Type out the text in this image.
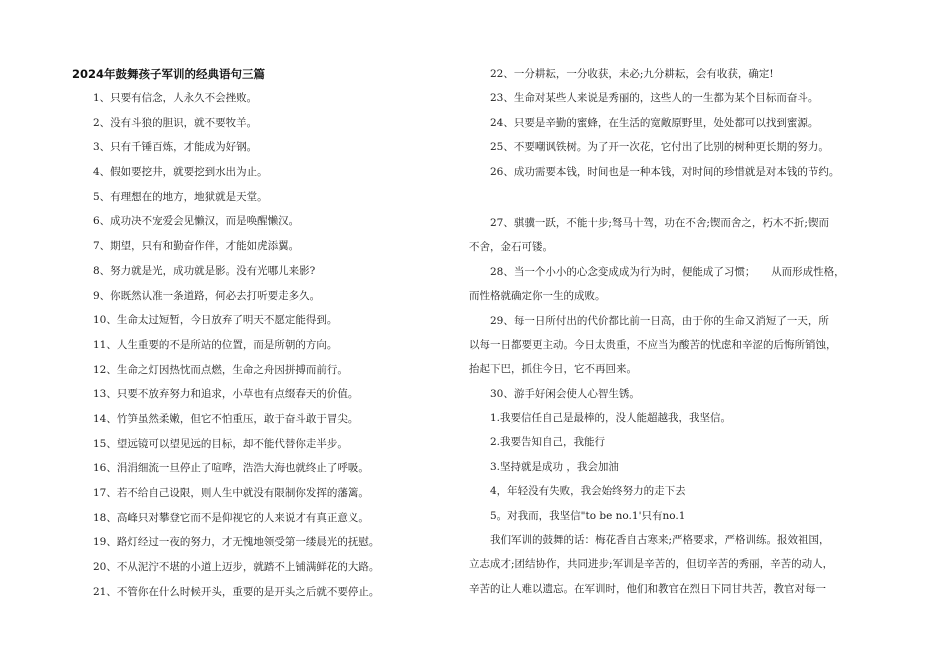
2024年鼓舞孩子军训的经典语句三篇
1、只要有信念，人永久不会挫败。
2、没有斗狼的胆识，就不要牧羊。
3、只有千锤百炼，才能成为好钢。
4、假如要挖井，就要挖到水出为止。
5、有理想在的地方，地狱就是天堂。
6、成功决不宠爱会见懒汉，而是唤醒懒汉。
7、期望，只有和勤奋作伴，才能如虎添翼。
8、努力就是光，成功就是影。没有光哪儿来影?
9、你既然认准一条道路，何必去打听要走多久。
10、生命太过短暂，今日放弃了明天不愿定能得到。
11、人生重要的不是所站的位置，而是所朝的方向。
12、生命之灯因热忱而点燃，生命之舟因拼搏而前行。
13、只要不放弃努力和追求，小草也有点缀春天的价值。
14、竹笋虽然柔嫩，但它不怕重压，敢于奋斗敢于冒尖。
15、望远镜可以望见远的目标，却不能代替你走半步。
16、涓涓细流一旦停止了喧哗，浩浩大海也就终止了呼吸。
17、若不给自己设限，则人生中就没有限制你发挥的藩篱。
18、高峰只对攀登它而不是仰视它的人来说才有真正意义。
19、路灯经过一夜的努力，才无愧地领受第一缕晨光的抚慰。
20、不从泥泞不堪的小道上迈步，就踏不上铺满鲜花的大路。
21、不管你在什么时候开头，重要的是开头之后就不要停止。
22、一分耕耘，一分收获，未必;九分耕耘，会有收获，确定!
23、生命对某些人来说是秀丽的，这些人的一生都为某个目标而奋斗。
24、只要是辛勤的蜜蜂，在生活的宽敞原野里，处处都可以找到蜜源。
25、不要嘲讽铁树。为了开一次花，它付出了比别的树种更长期的努力。
26、成功需要本钱，时间也是一种本钱，对时间的珍惜就是对本钱的节约。
27、骐骥一跃，不能十步;驽马十驾，功在不舍;锲而舍之，朽木不折;锲而
不舍，金石可镂。
28、当一个小小的心念变成成为行为时，便能成了习惯；　　从而形成性格，
而性格就确定你一生的成败。
29、每一日所付出的代价都比前一日高，由于你的生命又消短了一天，所
以每一日都要更主动。今日太贵重，不应当为酸苦的忧虑和辛涩的后悔所销蚀，
抬起下巴，抓住今日，它不再回来。
30、游手好闲会使人心智生锈。
1.我要信任自己是最棒的，没人能超越我，我坚信。
2.我要告知自己，我能行
3.坚持就是成功 ，我会加油
4，年轻没有失败，我会始终努力的走下去
5。对我而，我坚信"to be no.1'只有no.1
我们军训的鼓舞的话：梅花香自古寒来;严格要求，严格训练。报效祖国，
立志成才;团结协作，共同进步;军训是辛苦的，但切辛苦的秀丽，辛苦的动人，
辛苦的让人难以遗忘。在军训时，他们和教官在烈日下同甘共苦，教官对每一
